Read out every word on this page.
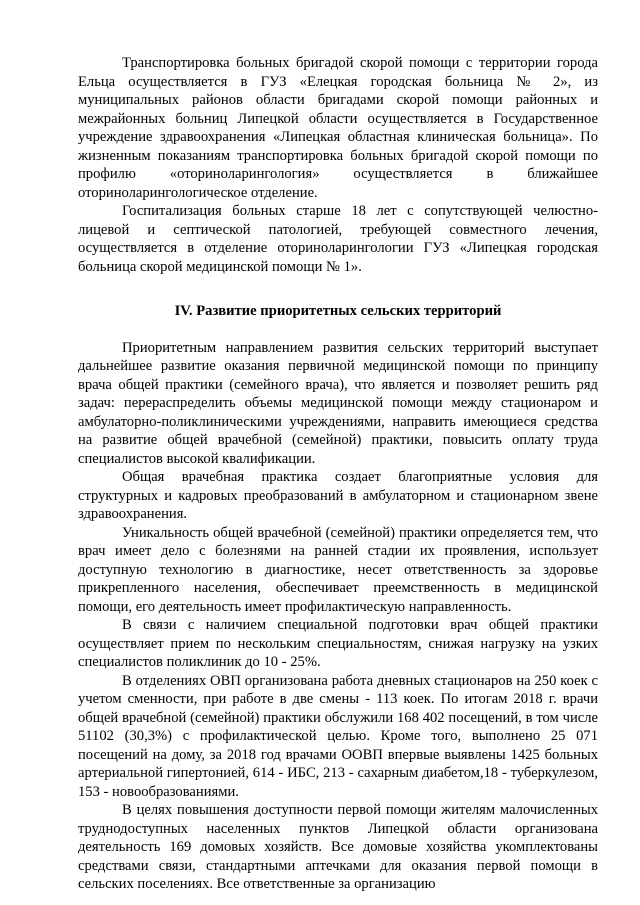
Транспортировка больных бригадой скорой помощи с территории города Ельца осуществляется в ГУЗ «Елецкая городская больница № 2», из муниципальных районов области бригадами скорой помощи районных и межрайонных больниц Липецкой области осуществляется в Государственное учреждение здравоохранения «Липецкая областная клиническая больница». По жизненным показаниям транспортировка больных бригадой скорой помощи по профилю «оториноларингология» осуществляется в ближайшее оториноларингологическое отделение.

Госпитализация больных старше 18 лет с сопутствующей челюстно-лицевой и септической патологией, требующей совместного лечения, осуществляется в отделение оториноларингологии ГУЗ «Липецкая городская больница скорой медицинской помощи № 1».

IV. Развитие приоритетных сельских территорий

Приоритетным направлением развития сельских территорий выступает дальнейшее развитие оказания первичной медицинской помощи по принципу врача общей практики (семейного врача), что является и позволяет решить ряд задач: перераспределить объемы медицинской помощи между стационаром и амбулаторно-поликлиническими учреждениями, направить имеющиеся средства на развитие общей врачебной (семейной) практики, повысить оплату труда специалистов высокой квалификации.

Общая врачебная практика создает благоприятные условия для структурных и кадровых преобразований в амбулаторном и стационарном звене здравоохранения.

Уникальность общей врачебной (семейной) практики определяется тем, что врач имеет дело с болезнями на ранней стадии их проявления, использует доступную технологию в диагностике, несет ответственность за здоровье прикрепленного населения, обеспечивает преемственность в медицинской помощи, его деятельность имеет профилактическую направленность.

В связи с наличием специальной подготовки врач общей практики осуществляет прием по нескольким специальностям, снижая нагрузку на узких специалистов поликлиник до 10 - 25%.

В отделениях ОВП организована работа дневных стационаров на 250 коек с учетом сменности, при работе в две смены - 113 коек. По итогам 2018 г. врачи общей врачебной (семейной) практики обслужили 168 402 посещений, в том числе 51102 (30,3%) с профилактической целью. Кроме того, выполнено 25 071 посещений на дому, за 2018 год врачами ООВП впервые выявлены 1425 больных артериальной гипертонией, 614 - ИБС, 213 - сахарным диабетом,18 - туберкулезом, 153 - новообразованиями.

В целях повышения доступности первой помощи жителям малочисленных труднодоступных населенных пунктов Липецкой области организована деятельность 169 домовых хозяйств. Все домовые хозяйства укомплектованы средствами связи, стандартными аптечками для оказания первой помощи в сельских поселениях. Все ответственные за организацию
